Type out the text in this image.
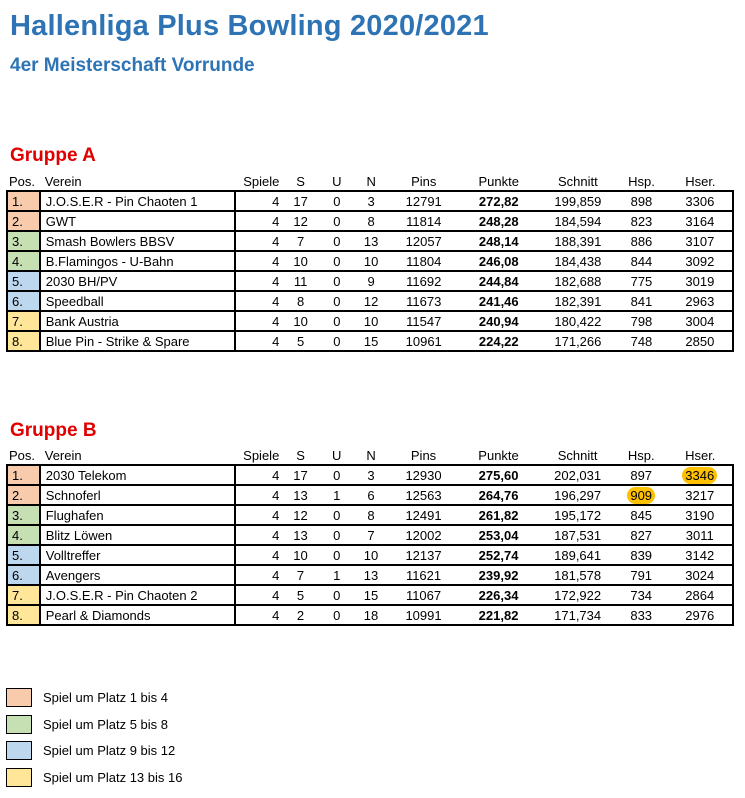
Hallenliga Plus Bowling 2020/2021
4er Meisterschaft Vorrunde
Gruppe A
Pos.	Verein	Spiele	S	U	N	Pins	Punkte	Schnitt	Hsp.	Hser.
1.	J.O.S.E.R - Pin Chaoten 1	4	17	0	3	12791	272,82	199,859	898	3306
2.	GWT	4	12	0	8	11814	248,28	184,594	823	3164
3.	Smash Bowlers BBSV	4	7	0	13	12057	248,14	188,391	886	3107
4.	B.Flamingos - U-Bahn	4	10	0	10	11804	246,08	184,438	844	3092
5.	2030 BH/PV	4	11	0	9	11692	244,84	182,688	775	3019
6.	Speedball	4	8	0	12	11673	241,46	182,391	841	2963
7.	Bank Austria	4	10	0	10	11547	240,94	180,422	798	3004
8.	Blue Pin - Strike & Spare	4	5	0	15	10961	224,22	171,266	748	2850
Gruppe B
Pos.	Verein	Spiele	S	U	N	Pins	Punkte	Schnitt	Hsp.	Hser.
1.	2030 Telekom	4	17	0	3	12930	275,60	202,031	897	3346
2.	Schnoferl	4	13	1	6	12563	264,76	196,297	909	3217
3.	Flughafen	4	12	0	8	12491	261,82	195,172	845	3190
4.	Blitz Löwen	4	13	0	7	12002	253,04	187,531	827	3011
5.	Volltreffer	4	10	0	10	12137	252,74	189,641	839	3142
6.	Avengers	4	7	1	13	11621	239,92	181,578	791	3024
7.	J.O.S.E.R - Pin Chaoten 2	4	5	0	15	11067	226,34	172,922	734	2864
8.	Pearl & Diamonds	4	2	0	18	10991	221,82	171,734	833	2976
Spiel um Platz 1 bis 4
Spiel um Platz 5 bis 8
Spiel um Platz 9 bis 12
Spiel um Platz 13 bis 16
